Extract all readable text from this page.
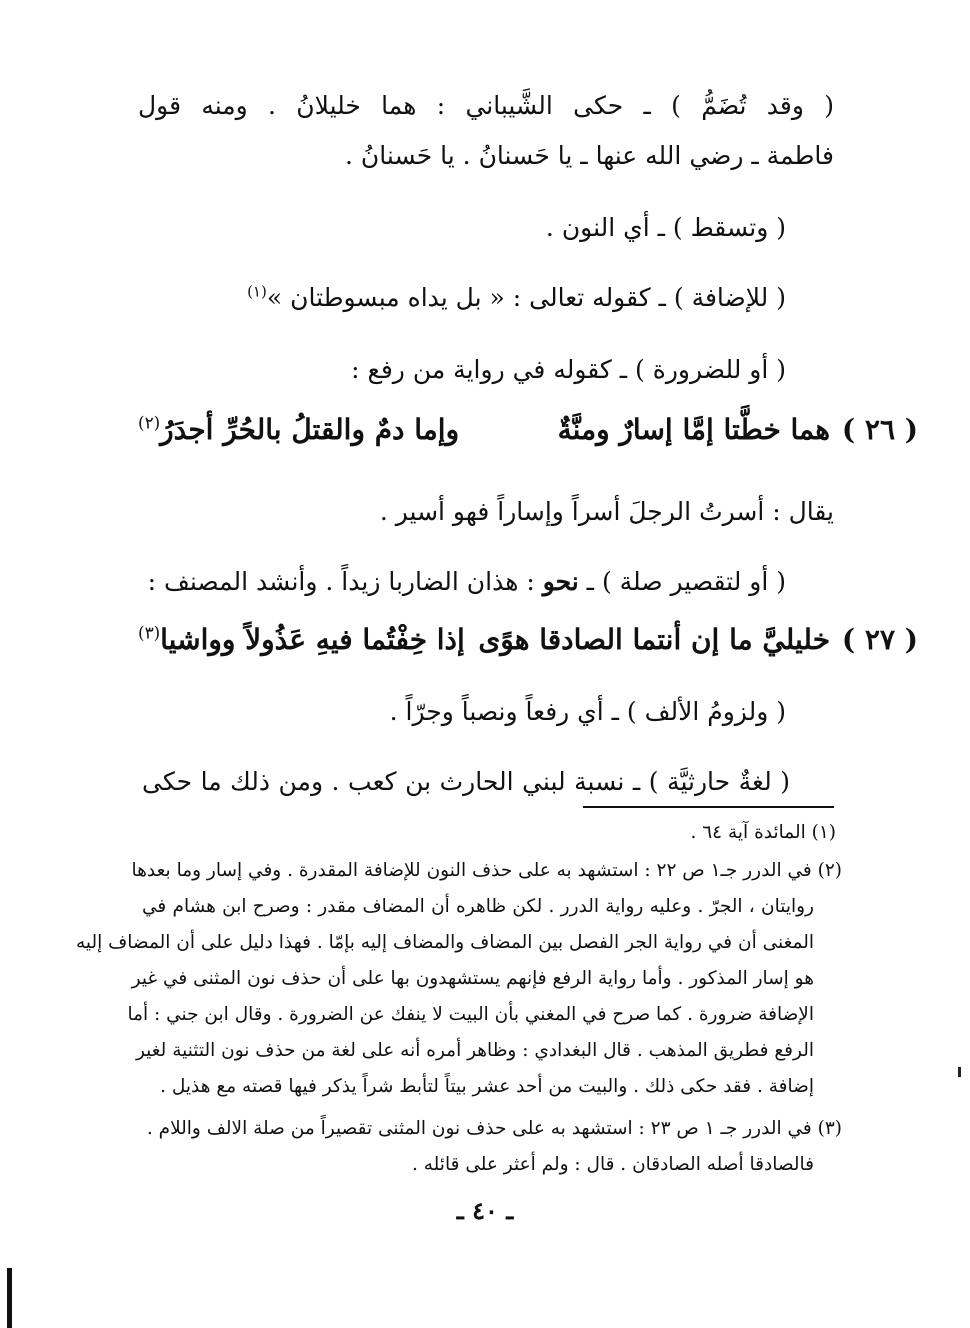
( وقد تُضَمُّ ) ـ حكى الشَّيباني : هما خليلانُ . ومنه قول

فاطمة ـ رضي الله عنها ـ يا حَسنانُ . يا حَسنانُ .

( وتسقط ) ـ أي النون .

( للإضافة ) ـ كقوله تعالى : « بل يداه مبسوطتان »$^{(١)}$

( أو للضرورة ) ـ كقوله في رواية من رفع :

( ٢٦ )
هما خطَّتا إمَّا إسارٌ ومنَّةٌ
وإما دمٌ والقتلُ بالحُرِّ أجدَرُ$^{(٢)}$

يقال : أسرتُ الرجلَ أسراً وإساراً فهو أسير .

( أو لتقصير صلة ) ـ نحو : هذان الضاربا زيداً . وأنشد المصنف :

( ٢٧ )
خليليَّ ما إن أنتما الصادقا هوًى
إذا خِفْتُما فيهِ عَذُولاً وواشيا$^{(٣)}$

( ولزومُ الألف ) ـ أي رفعاً ونصباً وجرّاً .

( لغةٌ حارثيَّة ) ـ نسبة لبني الحارث بن كعب . ومن ذلك ما حكى

(١) المائدة آية ٦٤ .

(٢) في الدرر جـ١ ص ٢٢ : استشهد به على حذف النون للإضافة المقدرة . وفي إسار وما بعدها

روايتان ، الجرّ . وعليه رواية الدرر . لكن ظاهره أن المضاف مقدر : وصرح ابن هشام في

المغنى أن في رواية الجر الفصل بين المضاف والمضاف إليه بإمّا . فهذا دليل على أن المضاف إليه

هو إسار المذكور . وأما رواية الرفع فإنهم يستشهدون بها على أن حذف نون المثنى في غير

الإضافة ضرورة . كما صرح في المغني بأن البيت لا ينفك عن الضرورة . وقال ابن جني : أما

الرفع فطريق المذهب . قال البغدادي : وظاهر أمره أنه على لغة من حذف نون التثنية لغير

إضافة . فقد حكى ذلك . والبيت من أحد عشر بيتاً لتأبط شراً يذكر فيها قصته مع هذيل .

(٣) في الدرر جـ ١ ص ٢٣ : استشهد به على حذف نون المثنى تقصيراً من صلة الالف واللام .

فالصادقا أصله الصادقان . قال : ولم أعثر على قائله .

ـ ٤٠ ـ
